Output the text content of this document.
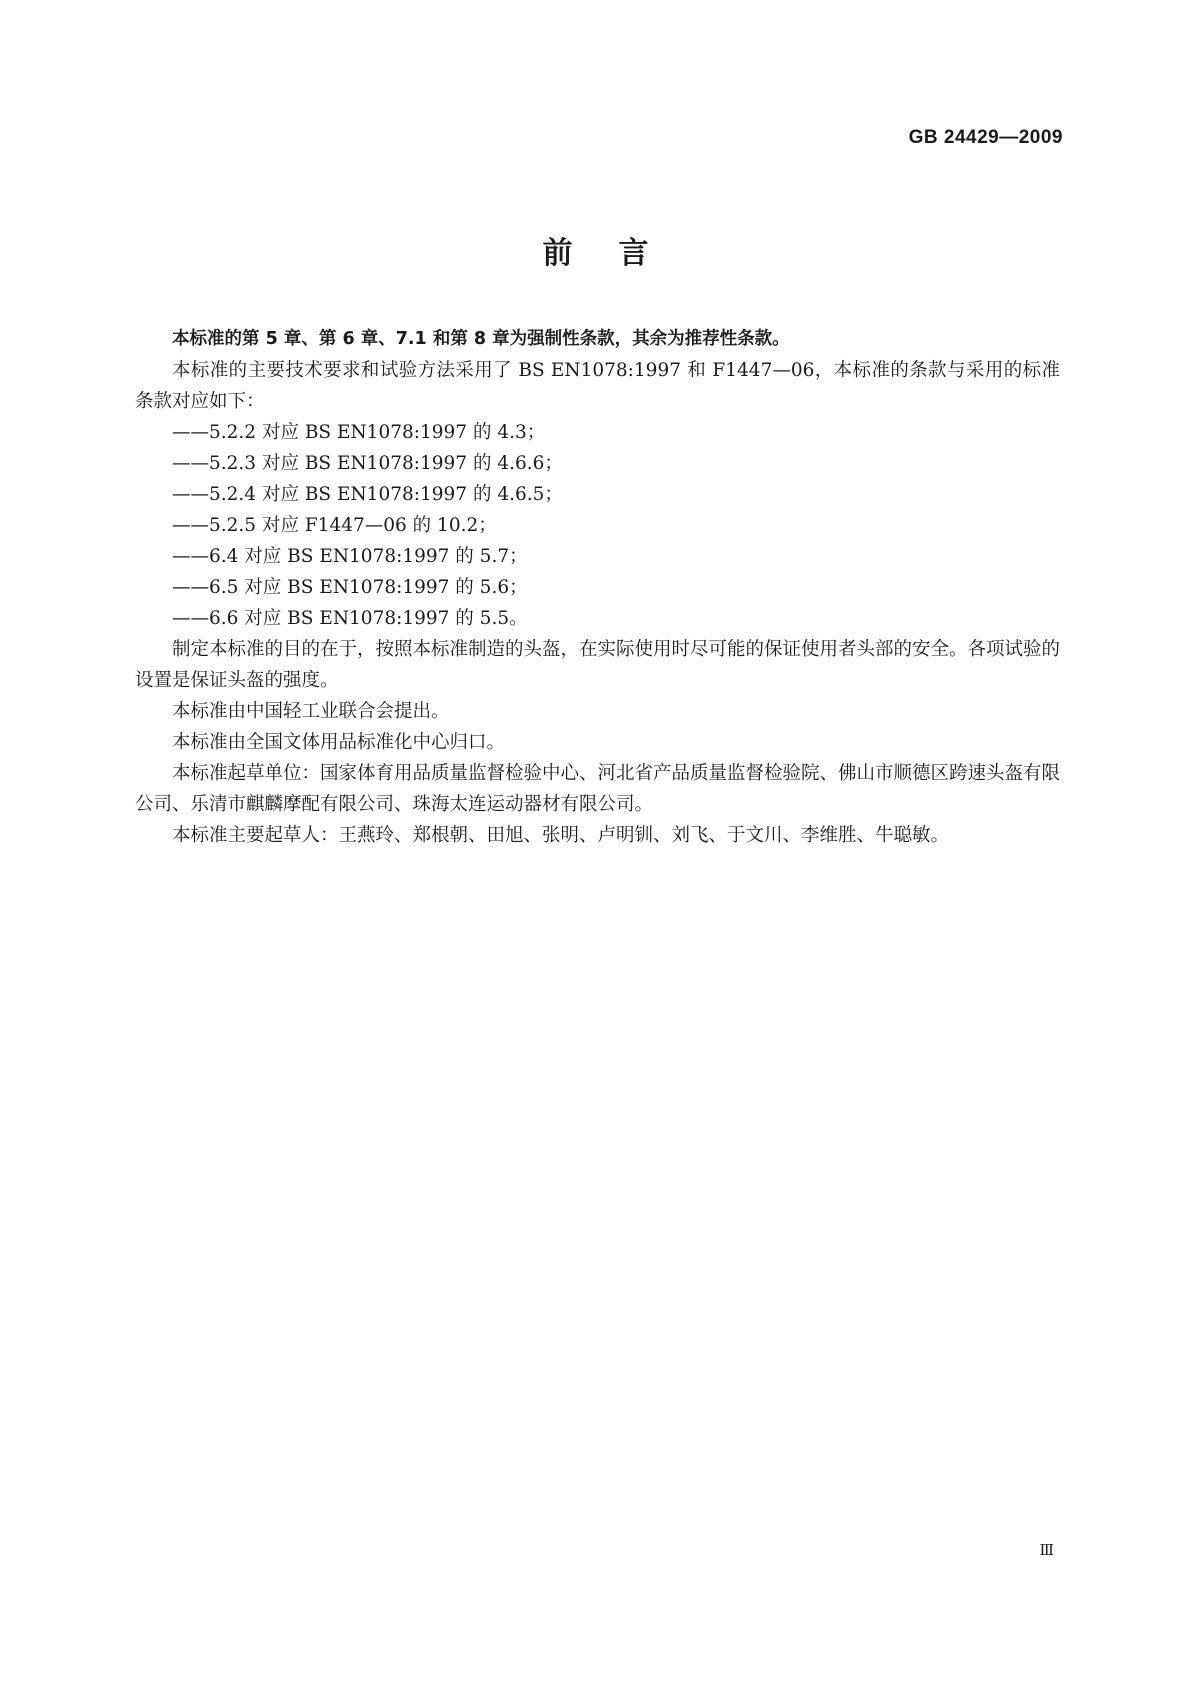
GB 24429—2009
前言

本标准的第 5 章、第 6 章、7.1 和第 8 章为强制性条款，其余为推荐性条款。

本标准的主要技术要求和试验方法采用了 BS EN1078:1997 和 F1447—06，本标准的条款与采用的标准条款对应如下：

——5.2.2 对应 BS EN1078:1997 的 4.3；

——5.2.3 对应 BS EN1078:1997 的 4.6.6；

——5.2.4 对应 BS EN1078:1997 的 4.6.5；

——5.2.5 对应 F1447—06 的 10.2；

——6.4 对应 BS EN1078:1997 的 5.7；

——6.5 对应 BS EN1078:1997 的 5.6；

——6.6 对应 BS EN1078:1997 的 5.5。

制定本标准的目的在于，按照本标准制造的头盔，在实际使用时尽可能的保证使用者头部的安全。各项试验的设置是保证头盔的强度。

本标准由中国轻工业联合会提出。

本标准由全国文体用品标准化中心归口。

本标准起草单位：国家体育用品质量监督检验中心、河北省产品质量监督检验院、佛山市顺德区跨速头盔有限公司、乐清市麒麟摩配有限公司、珠海太连运动器材有限公司。

本标准主要起草人：王燕玲、郑根朝、田旭、张明、卢明钏、刘飞、于文川、李维胜、牛聪敏。

Ⅲ
